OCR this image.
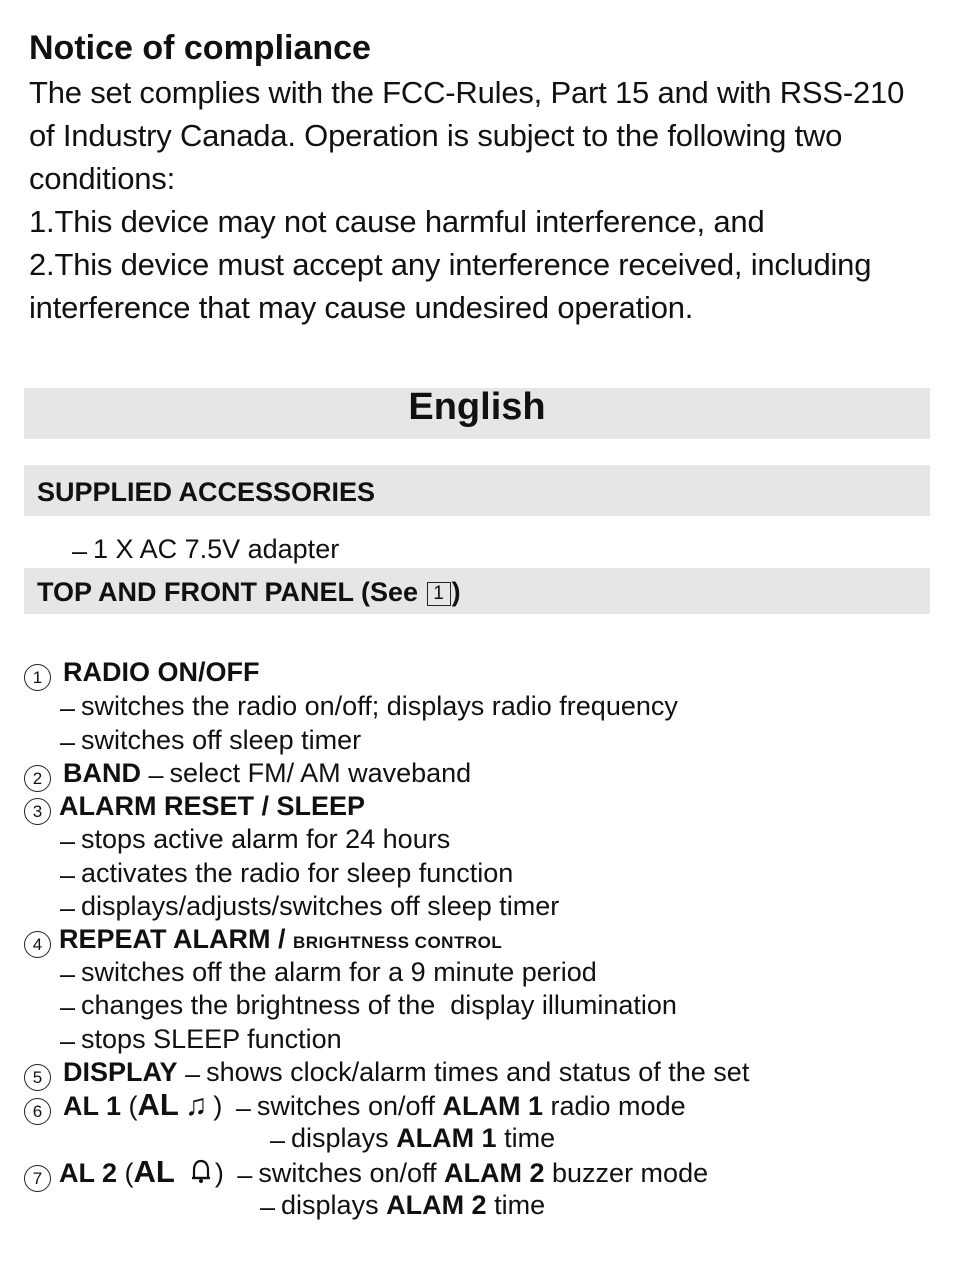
Notice of compliance
The set complies with the FCC-Rules, Part 15 and with RSS-210
of Industry Canada. Operation is subject to the following two
conditions:
1.This device may not cause harmful interference, and
2.This device must accept any interference received, including
interference that may cause undesired operation.
English
SUPPLIED ACCESSORIES
– 1 X AC 7.5V adapter
TOP AND FRONT PANEL (See 1 )
1 RADIO ON/OFF
– switches the radio on/off; displays radio frequency
– switches off sleep timer
2 BAND – select FM/ AM waveband
3 ALARM RESET / SLEEP
– stops active alarm for 24 hours
– activates the radio for sleep function
– displays/adjusts/switches off sleep timer
4 REPEAT ALARM / BRIGHTNESS CONTROL
– switches off the alarm for a 9 minute period
– changes the brightness of the  display illumination
– stops SLEEP function
5 DISPLAY – shows clock/alarm times and status of the set
6 AL 1 (AL ♫ ) – switches on/off ALAM 1 radio mode
– displays ALAM 1 time
7 AL 2 (AL ) – switches on/off ALAM 2 buzzer mode
– displays ALAM 2 time
